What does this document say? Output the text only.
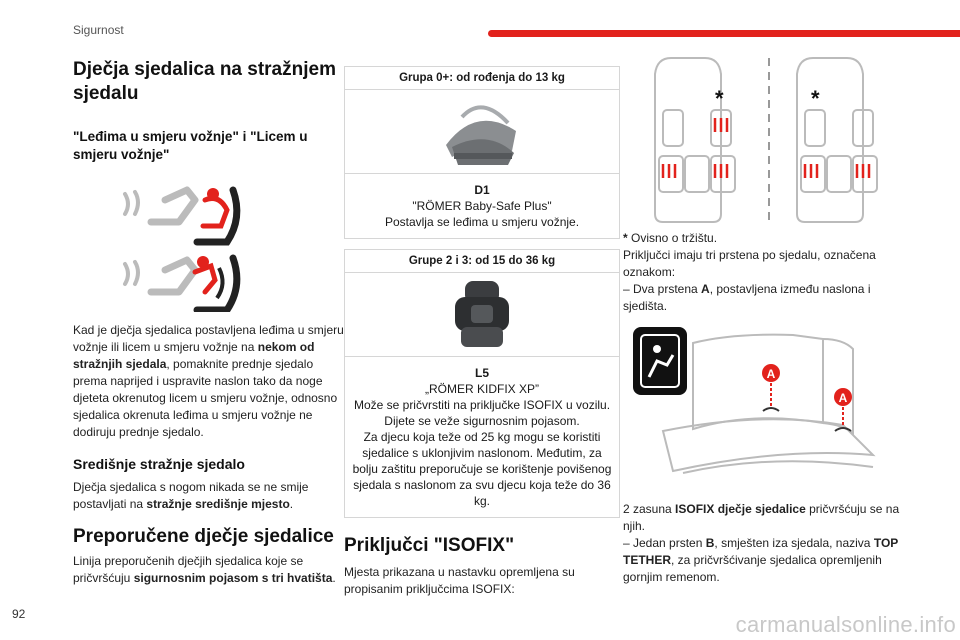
Sigurnost
Dječja sjedalica na stražnjem sjedalu
"Leđima u smjeru vožnje" i "Licem u smjeru vožnje"

Kad je dječja sjedalica postavljena leđima u smjeru vožnje ili licem u smjeru vožnje na nekom od stražnjih sjedala, pomaknite prednje sjedalo prema naprijed i uspravite naslon tako da noge djeteta okrenutog licem u smjeru vožnje, odnosno sjedalica okrenuta leđima u smjeru vožnje ne dodiruju prednje sjedalo.

Središnje stražnje sjedalo

Dječja sjedalica s nogom nikada se ne smije postavljati na stražnje središnje mjesto.

Preporučene dječje sjedalice

Linija preporučenih dječjih sjedalica koje se pričvršćuju sigurnosnim pojasom s tri hvatišta.

Grupa 0+: od rođenja do 13 kg
D1
"RÖMER Baby-Safe Plus"
Postavlja se leđima u smjeru vožnje.
Grupe 2 i 3: od 15 do 36 kg
L5
„RÖMER KIDFIX XP”
Može se pričvrstiti na priključke ISOFIX u vozilu.
Dijete se veže sigurnosnim pojasom.
Za djecu koja teže od 25 kg mogu se koristiti sjedalice s uklonjivim naslonom. Međutim, za bolju zaštitu preporučuje se korištenje povišenog sjedala s naslonom za svu djecu koja teže do 36 kg.
Priključci "ISOFIX"

Mjesta prikazana u nastavku opremljena su propisanim priključcima ISOFIX:

*	*

* Ovisno o tržištu.

Priključci imaju tri prstena po sjedalu, označena oznakom:

– Dva prstena A, postavljena između naslona i sjedišta.

A
A

2 zasuna ISOFIX dječje sjedalice pričvršćuju se na njih.

– Jedan prsten B, smješten iza sjedala, naziva TOP TETHER, za pričvršćivanje sjedalica opremljenih gornjim remenom.

92	carmanualsonline.info
